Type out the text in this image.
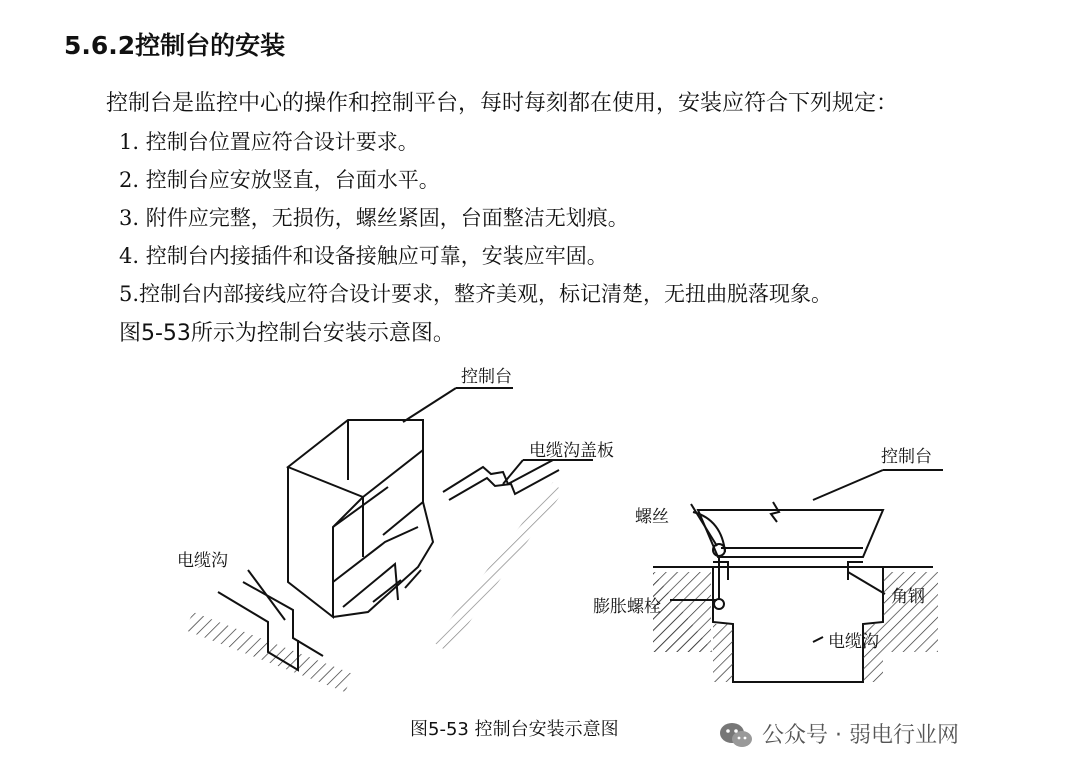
5.6.2控制台的安装
控制台是监控中心的操作和控制平台，每时每刻都在使用，安装应符合下列规定：
1. 控制台位置应符合设计要求。
2. 控制台应安放竖直，台面水平。
3. 附件应完整，无损伤，螺丝紧固，台面整洁无划痕。
4. 控制台内接插件和设备接触应可靠，安装应牢固。
5.控制台内部接线应符合设计要求，整齐美观，标记清楚，无扭曲脱落现象。
图5-53所示为控制台安装示意图。
控制台
电缆沟盖板
电缆沟
控制台
螺丝
膨胀螺栓	角钢
电缆沟
图5-53 控制台安装示意图	公众号 · 弱电行业网
